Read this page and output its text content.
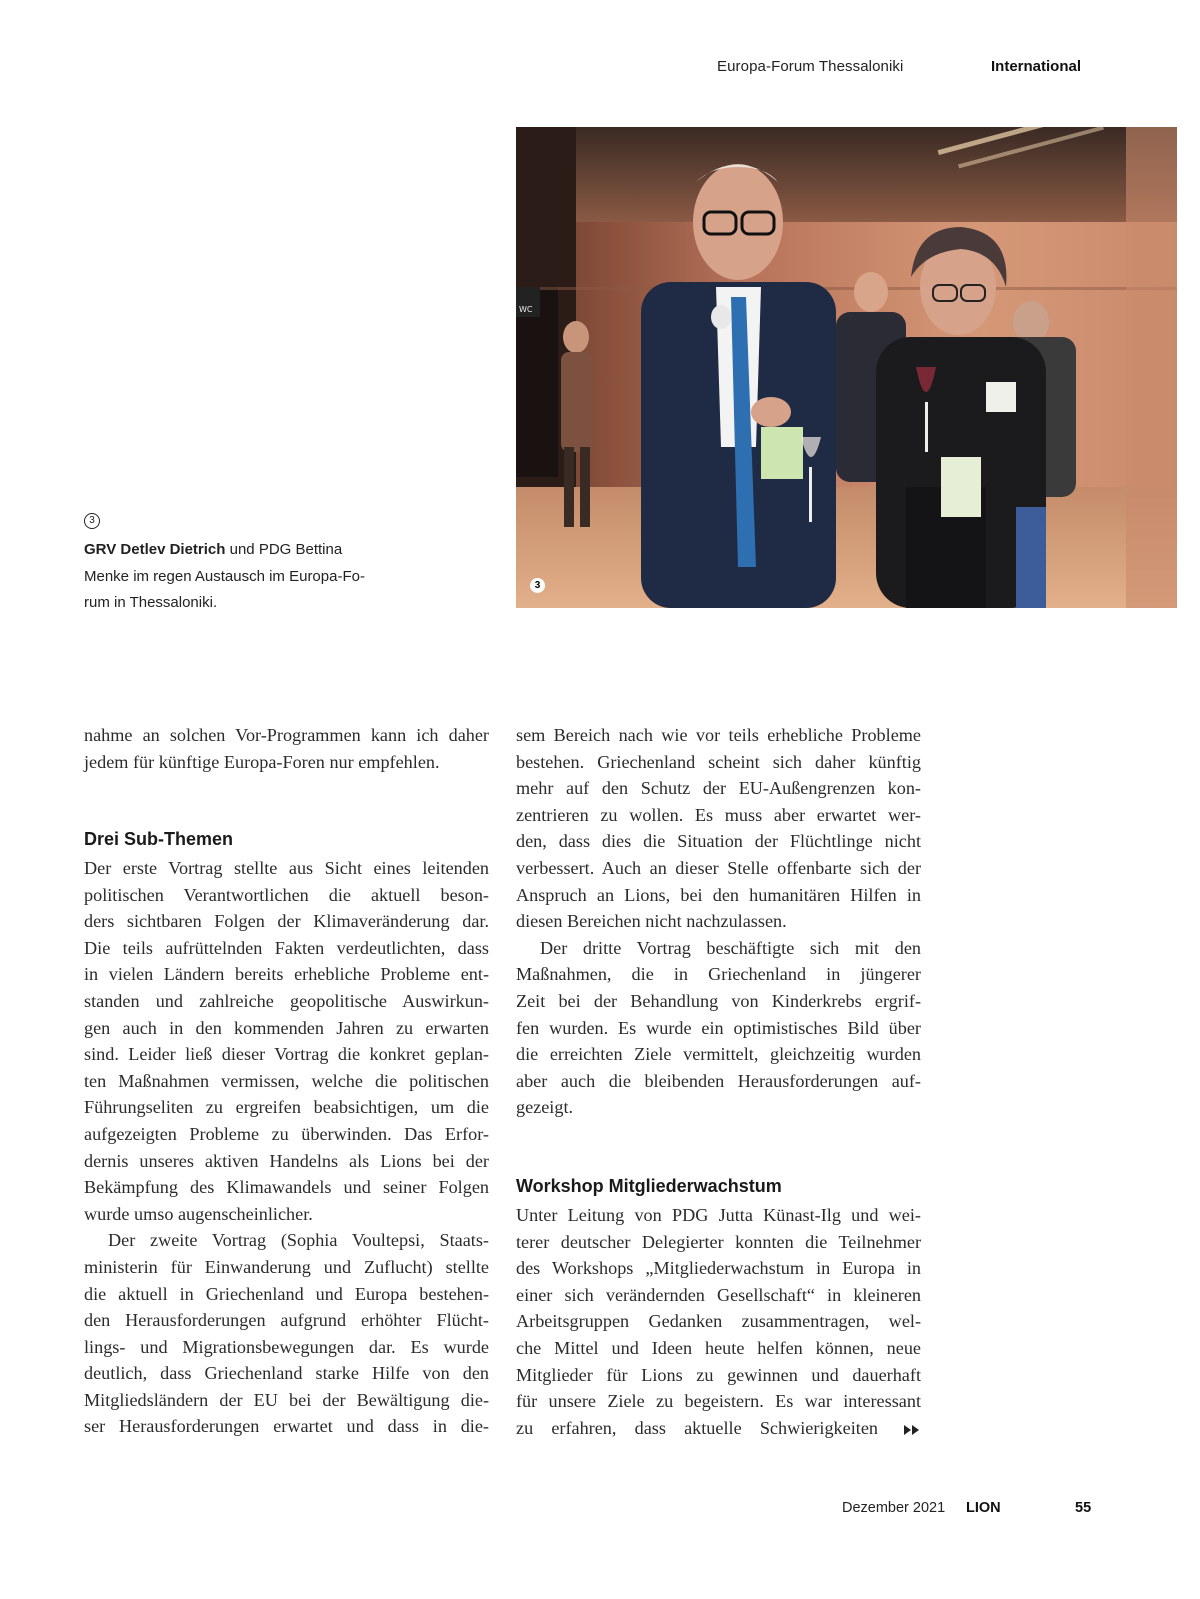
Europa-Forum Thessaloniki	International
WC
3
3
GRV Detlev Dietrich und PDG Bettina
Menke im regen Austausch im Europa-Fo-
rum in Thessaloniki.
nahme an solchen Vor-Programmen kann ich daher
jedem für künftige Europa-Foren nur empfehlen.
Drei Sub-Themen
Der erste Vortrag stellte aus Sicht eines leitenden
politischen Verantwortlichen die aktuell beson-
ders sichtbaren Folgen der Klimaveränderung dar.
Die teils aufrüttelnden Fakten verdeutlichten, dass
in vielen Ländern bereits erhebliche Probleme ent-
standen und zahlreiche geopolitische Auswirkun-
gen auch in den kommenden Jahren zu erwarten
sind. Leider ließ dieser Vortrag die konkret geplan-
ten Maßnahmen vermissen, welche die politischen
Führungseliten zu ergreifen beabsichtigen, um die
aufgezeigten Probleme zu überwinden. Das Erfor-
dernis unseres aktiven Handelns als Lions bei der
Bekämpfung des Klimawandels und seiner Folgen
wurde umso augenscheinlicher.
Der zweite Vortrag (Sophia Voultepsi, Staats-
ministerin für Einwanderung und Zuflucht) stellte
die aktuell in Griechenland und Europa bestehen-
den Herausforderungen aufgrund erhöhter Flücht-
lings- und Migrationsbewegungen dar. Es wurde
deutlich, dass Griechenland starke Hilfe von den
Mitgliedsländern der EU bei der Bewältigung die-
ser Herausforderungen erwartet und dass in die-
sem Bereich nach wie vor teils erhebliche Probleme
bestehen. Griechenland scheint sich daher künftig
mehr auf den Schutz der EU-Außengrenzen kon-
zentrieren zu wollen. Es muss aber erwartet wer-
den, dass dies die Situation der Flüchtlinge nicht
verbessert. Auch an dieser Stelle offenbarte sich der
Anspruch an Lions, bei den humanitären Hilfen in
diesen Bereichen nicht nachzulassen.
Der dritte Vortrag beschäftigte sich mit den
Maßnahmen, die in Griechenland in jüngerer
Zeit bei der Behandlung von Kinderkrebs ergrif-
fen wurden. Es wurde ein optimistisches Bild über
die erreichten Ziele vermittelt, gleichzeitig wurden
aber auch die bleibenden Herausforderungen auf-
gezeigt.
Workshop Mitgliederwachstum
Unter Leitung von PDG Jutta Künast-Ilg und wei-
terer deutscher Delegierter konnten die Teilnehmer
des Workshops „Mitgliederwachstum in Europa in
einer sich verändernden Gesellschaft“ in kleineren
Arbeitsgruppen Gedanken zusammentragen, wel-
che Mittel und Ideen heute helfen können, neue
Mitglieder für Lions zu gewinnen und dauerhaft
für unsere Ziele zu begeistern. Es war interessant
zu erfahren, dass aktuelle Schwierigkeiten
Dezember 2021 LION	55
